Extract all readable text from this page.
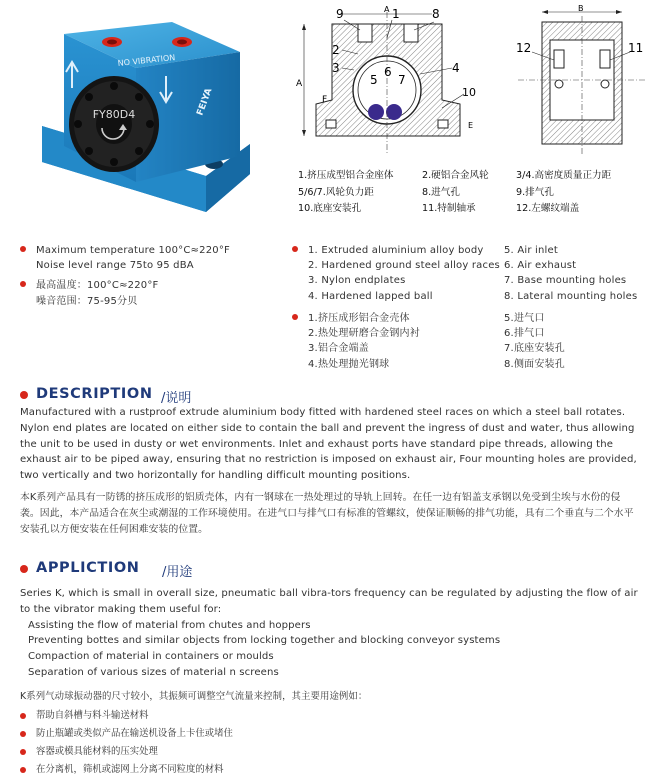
FY80D4
NO VIBRATION
FEIYA
9	1	8
2
3
5
6
7
4
10
F
A
A
E
B
12	11
1.挤压成型铝合金座体	2.硬铝合金风轮	3/4.高密度质量正力距
5/6/7.风轮负力距	8.进气孔	9.排气孔
10.底座安装孔	11.特制轴承	12.左螺纹端盖
Maximum temperature 100°C≈220°F
Noise level range 75to 95 dBA
最高温度：100°C≈220°F
噪音范围：75-95分贝
1. Extruded aluminium alloy body 5. Air inlet
2. Hardened ground steel alloy races 6. Air exhaust
3. Nylon endplates	7. Base mounting holes
4. Hardened lapped ball	8. Lateral mounting holes
1.挤压成形铝合金壳体	5.进气口
2.热处理研磨合金钢内衬	6.排气口
3.铝合金端盖	7.底座安装孔
4.热处理抛光钢球	8.侧面安装孔
DESCRIPTION /说明

Manufactured with a rustproof extrude aluminium body fitted with hardened steel races on which a steel ball rotates. Nylon end plates are located on either side to contain the ball and prevent the ingress of dust and water, thus allowing the unit to be used in dusty or wet environments. Inlet and exhaust ports have standard pipe threads, allowing the exhaust air to be piped away, ensuring that no restriction is imposed on exhaust air, Four mounting holes are provided, two vertically and two horizontally for handling difficult mounting positions.

本K系列产品具有一防锈的挤压成形的铝质壳体，内有一钢球在一热处理过的导轨上回转。在任一边有铝盖支承钢以免受到尘埃与水份的侵袭。因此，本产品适合在灰尘或潮湿的工作环境使用。在进气口与排气口有标准的管螺纹，使保证顺畅的排气功能，具有二个垂直与二个水平安装孔以方便安装在任何困难安装的位置。

APPLICTION /用途
Series K, which is small in overall size, pneumatic ball vibra-tors frequency can be regulated by adjusting the flow of air to the vibrator making them useful for:
Assisting the flow of material from chutes and hoppers
Preventing bottes and similar objects from locking together and blocking conveyor systems
Compaction of material in containers or moulds
Separation of various sizes of material n screens

K系列气动球振动器的尺寸较小，其振频可调整空气流量来控制，其主要用途例如：

帮助自斜槽与料斗输送材料
防止瓶罐或类似产品在输送机设备上卡住或堵住
容器或模具能材料的压实处理
在分离机，筛机或滤网上分离不同粒度的材料
